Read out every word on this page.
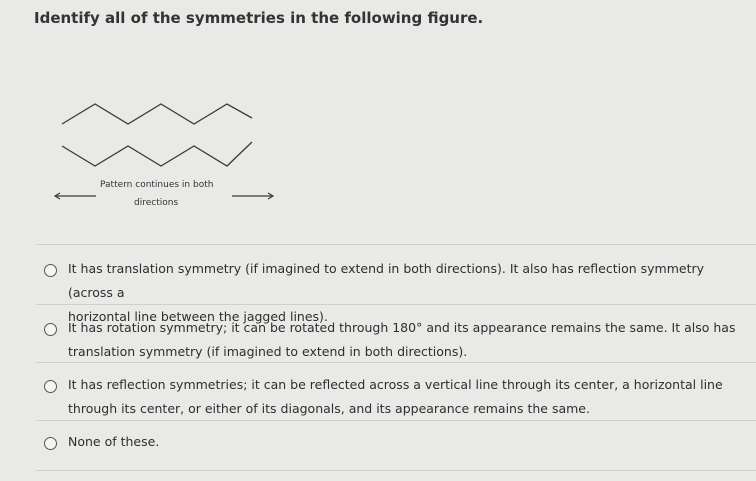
Identify all of the symmetries in the following figure.
Pattern continues in both
directions
It has translation symmetry (if imagined to extend in both directions). It also has reflection symmetry (across a
horizontal line between the jagged lines).
It has rotation symmetry; it can be rotated through 180° and its appearance remains the same. It also has
translation symmetry (if imagined to extend in both directions).
It has reflection symmetries; it can be reflected across a vertical line through its center, a horizontal line
through its center, or either of its diagonals, and its appearance remains the same.
None of these.
